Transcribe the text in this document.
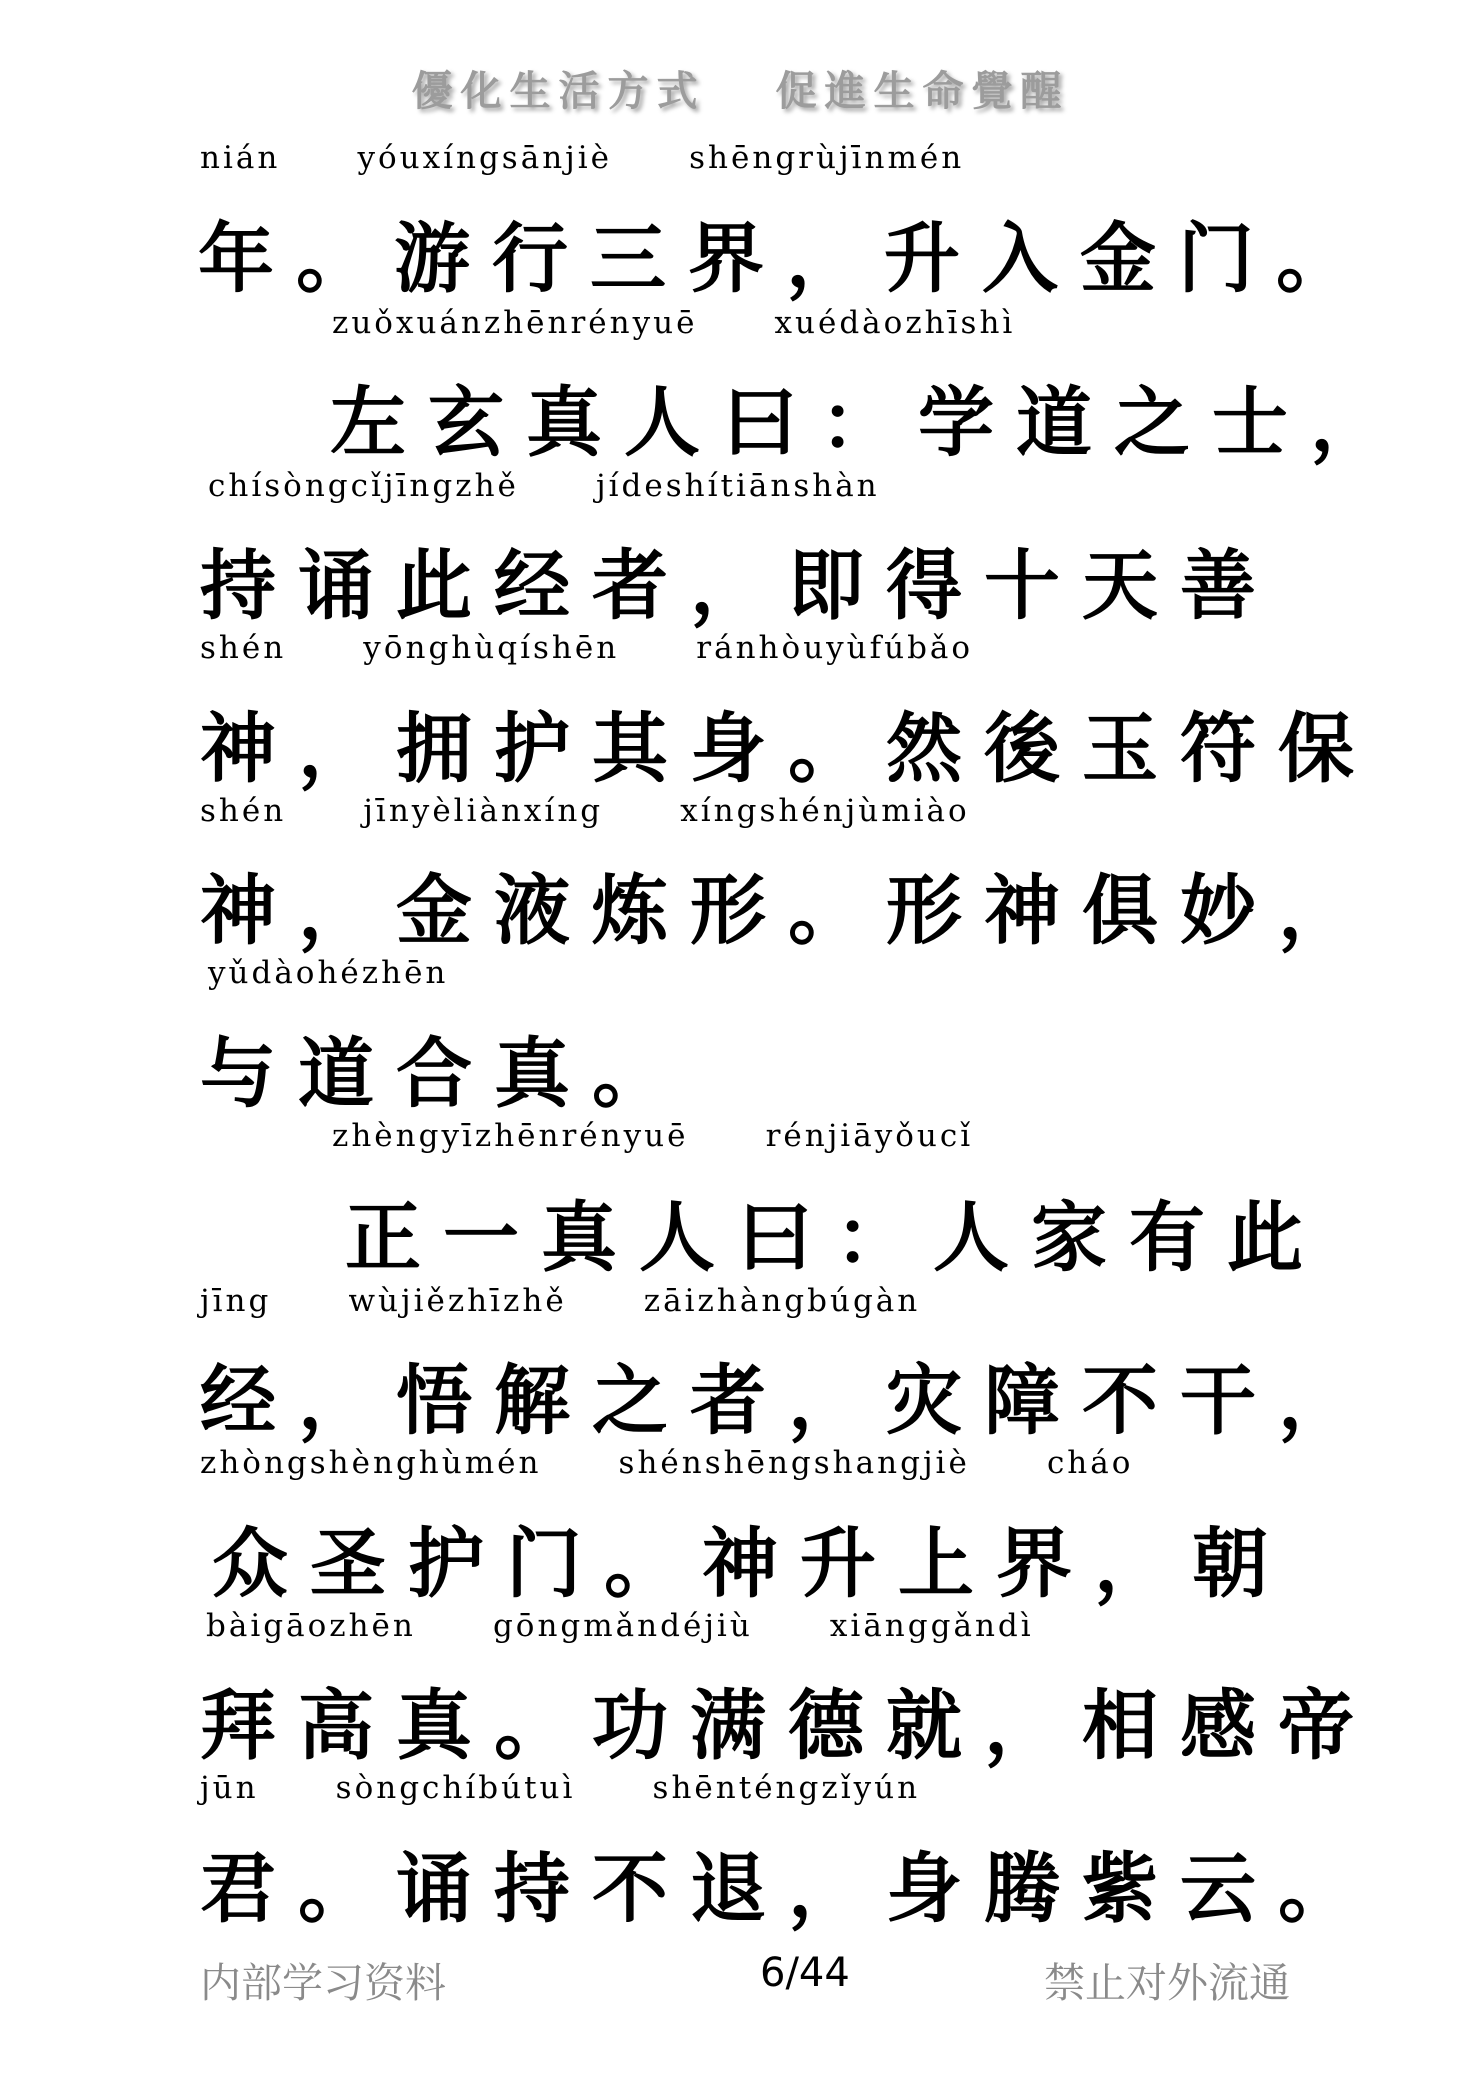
優化生活方式 促進生命覺醒
nián      yóuxíngsānjiè      shēngrùjīnmén
年。游行三界，升入金门。
zuǒxuánzhēnrényuē      xuédàozhīshì
左玄真人曰：学道之士，
chísòngcǐjīngzhě      jídeshítiānshàn
持诵此经者，即得十天善
shén      yōnghùqíshēn      ránhòuyùfúbǎo
神，拥护其身。然後玉符保
shén      jīnyèliànxíng      xíngshénjùmiào
神，金液炼形。形神俱妙，
yǔdàohézhēn
与道合真。
zhèngyīzhēnrényuē      rénjiāyǒucǐ
正一真人曰：人家有此
jīng      wùjiězhīzhě      zāizhàngbúgàn
经，悟解之者，灾障不干，
zhòngshènghùmén      shénshēngshangjiè      cháo
众圣护门。神升上界，朝
bàigāozhēn      gōngmǎndéjiù      xiānggǎndì
拜高真。功满德就，相感帝
jūn      sòngchíbútuì      shēnténgzǐyún
君。诵持不退，身腾紫云。
内部学习资料	6/44	禁止对外流通
